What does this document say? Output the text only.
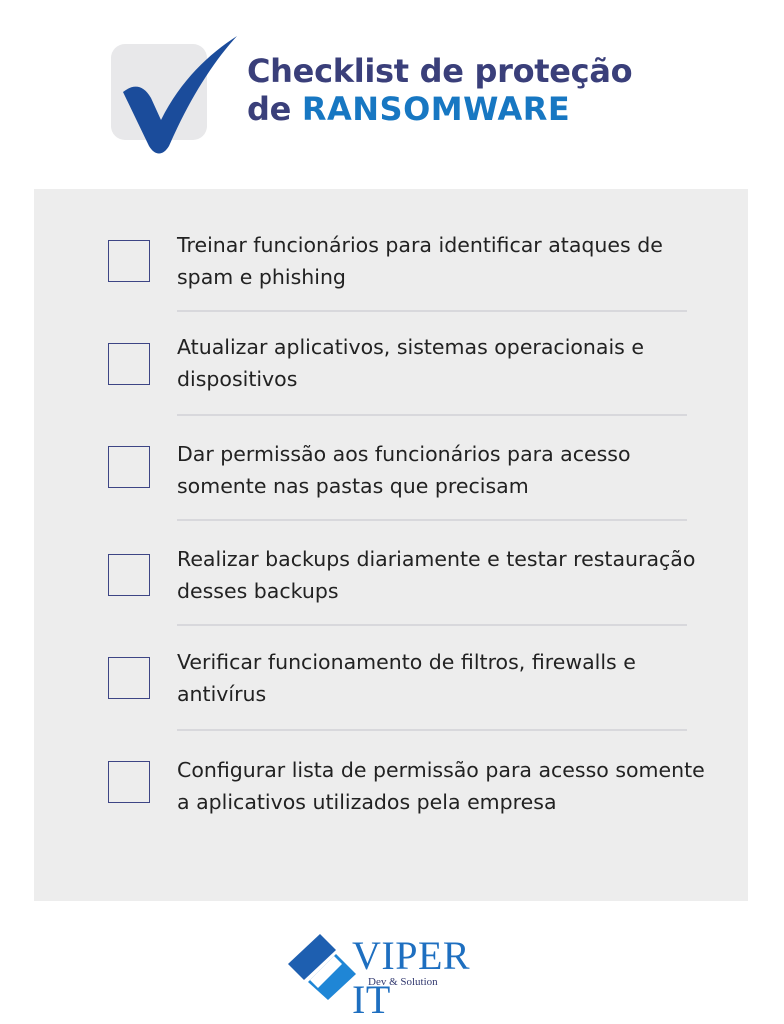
Checklist de proteção
de RANSOMWARE

Treinar funcionários para identificar ataques de spam e phishing

Atualizar aplicativos, sistemas operacionais e dispositivos

Dar permissão aos funcionários para acesso somente nas pastas que precisam

Realizar backups diariamente e testar restauração desses backups

Verificar funcionamento de filtros, firewalls e antivírus

Configurar lista de permissão para acesso somente a aplicativos utilizados pela empresa

VIPER IT
Dev & Solution
